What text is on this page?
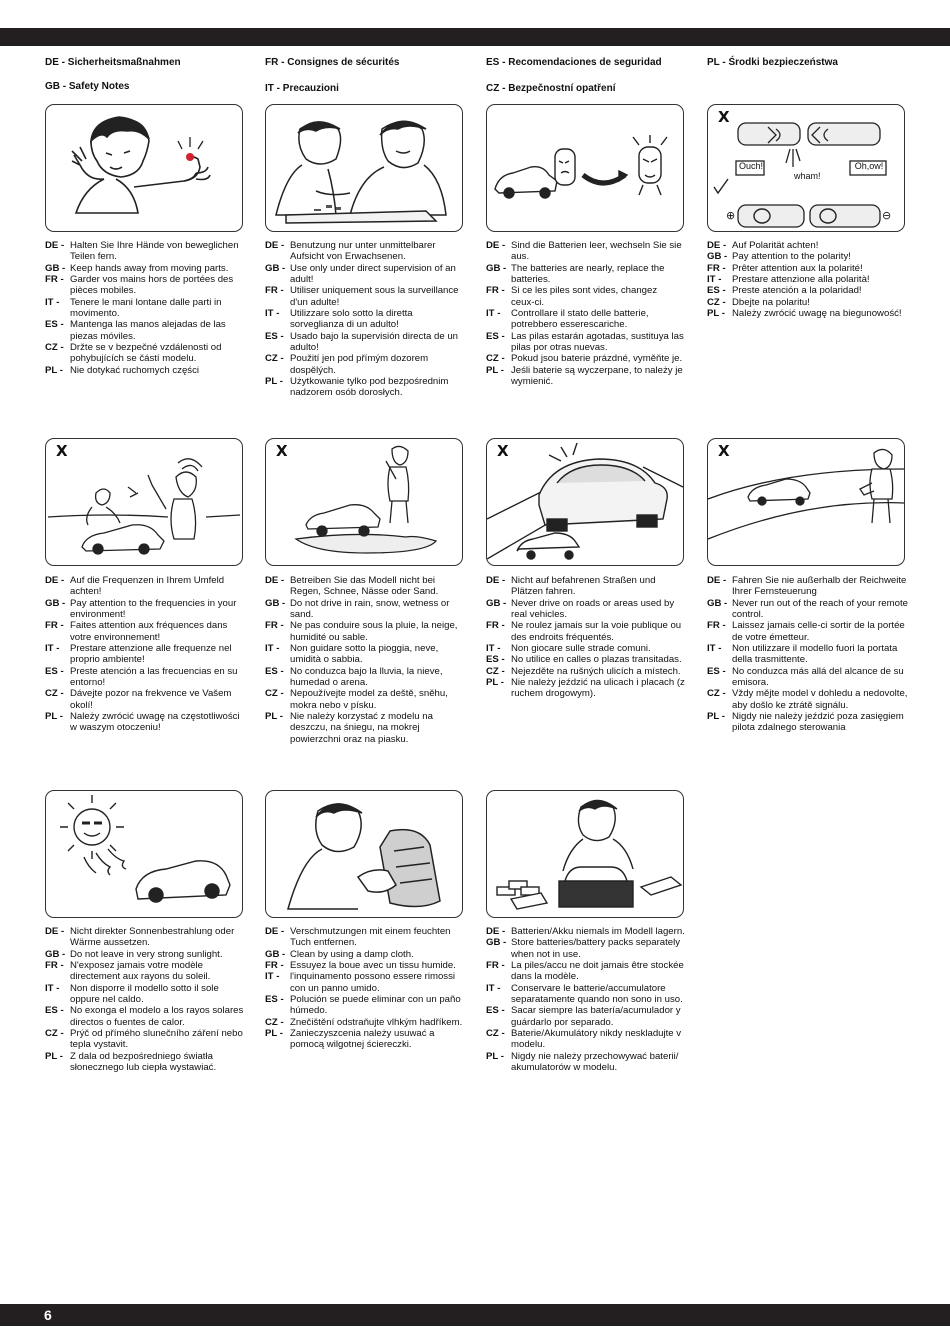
6
DE - Sicherheitsmaßnahmen
GB - Safety Notes
FR - Consignes de sécurités
IT - Precauzioni
ES - Recomendaciones de seguridad
CZ - Bezpečnostní opatření
PL - Środki bezpieczeństwa
X
Ouch!
wham!
Oh,ow!
⊕	⊖
DE - Halten Sie Ihre Hände von beweglichen
Teilen fern.
GB - Keep hands away from moving parts.
FR - Garder vos mains hors de portées des
pièces mobiles.
IT -	Tenere le mani lontane dalle parti in
movimento.
ES - Mantenga las manos alejadas de las
piezas móviles.
CZ - Držte se v bezpečné vzdálenosti od
pohybujících se částí modelu.
PL - Nie dotykać ruchomych części
DE - Benutzung nur unter unmittelbarer
Aufsicht von Erwachsenen.
GB - Use only under direct supervision of an
adult!
FR - Utiliser uniquement sous la surveillance
d'un adulte!
IT -	Utilizzare solo sotto la diretta
sorveglianza di un adulto!
ES - Usado bajo la supervisión directa de un
adulto!
CZ - Použití jen pod přímým dozorem
dospělých.
PL - Użytkowanie tylko pod bezpośrednim
nadzorem osób dorosłych.
DE - Sind die Batterien leer, wechseln Sie sie
aus.
GB - The batteries are nearly, replace the
batteries.
FR - Si ce les piles sont vides, changez
ceux-ci.
IT -	Controllare il stato delle batterie,
potrebbero esserescariche.
ES - Las pilas estarán agotadas, sustituya las
pilas por otras nuevas.
CZ - Pokud jsou baterie prázdné, vyměňte je.
PL - Jeśli baterie są wyczerpane, to należy je
wymienić.
DE - Auf Polarität achten!
GB - Pay attention to the polarity!
FR - Prêter attention aux la polarité!
IT -	Prestare attenzione alla polarità!
ES - Preste atención a la polaridad!
CZ - Dbejte na polaritu!
PL - Należy zwrócić uwagę na biegunowość!
X	X	X	X
DE - Auf die Frequenzen in Ihrem Umfeld
achten!
GB - Pay attention to the frequencies in your
environment!
FR - Faites attention aux fréquences dans
votre environnement!
IT -	Prestare attenzione alle frequenze nel
proprio ambiente!
ES - Preste atención a las frecuencias en su
entorno!
CZ - Dávejte pozor na frekvence ve Vašem
okolí!
PL - Należy zwrócić uwagę na częstotliwości
w waszym otoczeniu!
DE - Betreiben Sie das Modell nicht bei
Regen, Schnee, Nässe oder Sand.
GB - Do not drive in rain, snow, wetness or
sand.
FR - Ne pas conduire sous la pluie, la neige,
humidité ou sable.
IT -	Non guidare sotto la pioggia, neve,
umidità o sabbia.
ES - No conduzca bajo la lluvia, la nieve,
humedad o arena.
CZ - Nepoužívejte model za deště, sněhu,
mokra nebo v písku.
PL - Nie należy korzystać z modelu na
deszczu, na śniegu, na mokrej
powierzchni oraz na piasku.
DE - Nicht auf befahrenen Straßen und
Plätzen fahren.
GB - Never drive on roads or areas used by
real vehicles.
FR - Ne roulez jamais sur la voie publique ou
des endroits fréquentés.
IT -	Non giocare sulle strade comuni.
ES - No utilice en calles o plazas transitadas.
CZ - Nejezděte na rušných ulicích a místech.
PL - Nie należy jeździć na ulicach i placach (z
ruchem drogowym).
DE - Fahren Sie nie außerhalb der Reichweite
Ihrer Fernsteuerung
GB - Never run out of the reach of your remote
control.
FR - Laissez jamais celle-ci sortir de la portée
de votre émetteur.
IT -	Non utilizzare il modello fuori la portata
della trasmittente.
ES - No conduzca más allá del alcance de su
emisora.
CZ - Vždy mějte model v dohledu a nedovolte,
aby došlo ke ztrátě signálu.
PL - Nigdy nie należy jeździć poza zasięgiem
pilota zdalnego sterowania
DE - Nicht direkter Sonnenbestrahlung oder
Wärme aussetzen.
GB - Do not leave in very strong sunlight.
FR - N'exposez jamais votre modèle
directement aux rayons du soleil.
IT -	Non disporre il modello sotto il sole
oppure nel caldo.
ES - No exonga el modelo a los rayos solares
directos o fuentes de calor.
CZ - Prýč od přímého slunečního záření nebo
tepla vystavit.
PL - Z dala od bezpośredniego światła
słonecznego lub ciepła wystawiać.
DE - Verschmutzungen mit einem feuchten
Tuch entfernen.
GB - Clean by using a damp cloth.
FR - Essuyez la boue avec un tissu humide.
IT -	l'inquinamento possono essere rimossi
con un panno umido.
ES - Polución se puede eliminar con un paño
húmedo.
CZ - Znečištění odstraňujte vlhkým hadříkem.
PL - Zanieczyszcenia należy usuwać a
pomocą wilgotnej ściereczki.
DE - Batterien/Akku niemals im Modell lagern.
GB - Store batteries/battery packs separately
when not in use.
FR - La piles/accu ne doit jamais être stockée
dans la modèle.
IT -	Conservare le batterie/accumulatore
separatamente quando non sono in uso.
ES - Sacar siempre las batería/acumulador y
guárdarlo por separado.
CZ - Baterie/Akumulátory nikdy neskladujte v
modelu.
PL - Nigdy nie należy przechowywać baterii/
akumulatorów w modelu.
